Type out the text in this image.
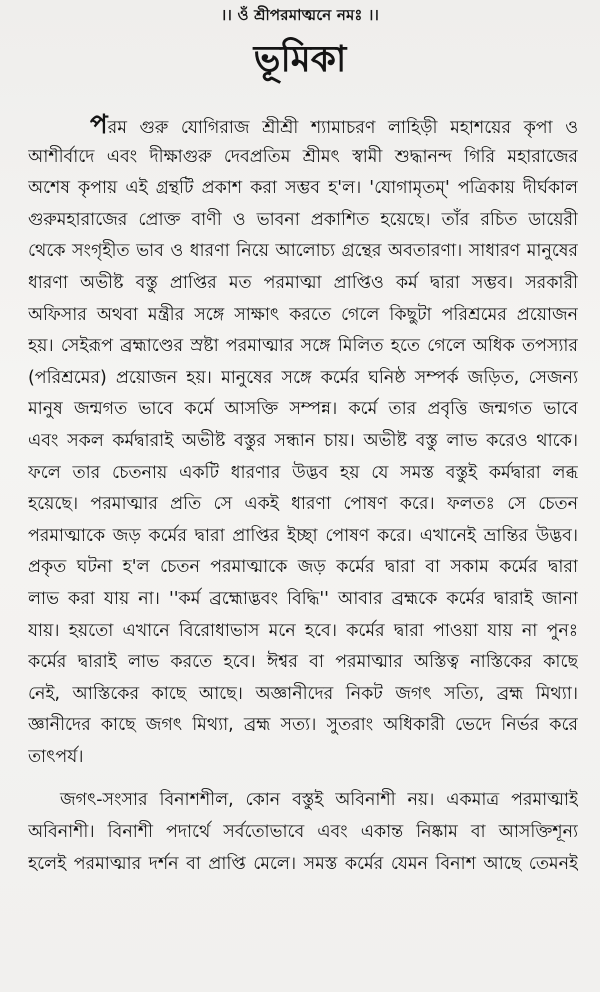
।। ওঁ শ্রীপরমাত্মনে নমঃ ।।
ভূমিকা
পরম গুরু যোগিরাজ শ্রীশ্রী শ্যামাচরণ লাহিড়ী মহাশয়ের কৃপা ও
আশীর্বাদে এবং দীক্ষাগুরু দেবপ্রতিম শ্রীমৎ স্বামী শুদ্ধানন্দ গিরি মহারাজের
অশেষ কৃপায় এই গ্রন্থটি প্রকাশ করা সম্ভব হ'ল। 'যোগামৃতম্' পত্রিকায় দীর্ঘকাল
গুরুমহারাজের প্রোক্ত বাণী ও ভাবনা প্রকাশিত হয়েছে। তাঁর রচিত ডায়েরী
থেকে সংগৃহীত ভাব ও ধারণা নিয়ে আলোচ্য গ্রন্থের অবতারণা। সাধারণ মানুষের
ধারণা অভীষ্ট বস্তু প্রাপ্তির মত পরমাত্মা প্রাপ্তিও কর্ম দ্বারা সম্ভব। সরকারী
অফিসার অথবা মন্ত্রীর সঙ্গে সাক্ষাৎ করতে গেলে কিছুটা পরিশ্রমের প্রয়োজন
হয়। সেইরূপ ব্রহ্মাণ্ডের স্রষ্টা পরমাত্মার সঙ্গে মিলিত হতে গেলে অধিক তপস্যার
(পরিশ্রমের) প্রয়োজন হয়। মানুষের সঙ্গে কর্মের ঘনিষ্ঠ সম্পর্ক জড়িত, সেজন্য
মানুষ জন্মগত ভাবে কর্মে আসক্তি সম্পন্ন। কর্মে তার প্রবৃত্তি জন্মগত ভাবে
এবং সকল কর্মদ্বারাই অভীষ্ট বস্তুর সন্ধান চায়। অভীষ্ট বস্তু লাভ করেও থাকে।
ফলে তার চেতনায় একটি ধারণার উদ্ভব হয় যে সমস্ত বস্তুই কর্মদ্বারা লব্ধ
হয়েছে। পরমাত্মার প্রতি সে একই ধারণা পোষণ করে। ফলতঃ সে চেতন
পরমাত্মাকে জড় কর্মের দ্বারা প্রাপ্তির ইচ্ছা পোষণ করে। এখানেই ভ্রান্তির উদ্ভব।
প্রকৃত ঘটনা হ'ল চেতন পরমাত্মাকে জড় কর্মের দ্বারা বা সকাম কর্মের দ্বারা
লাভ করা যায় না। ''কর্ম ব্রহ্মোদ্ভবং বিদ্ধি'' আবার ব্রহ্মকে কর্মের দ্বারাই জানা
যায়। হয়তো এখানে বিরোধাভাস মনে হবে। কর্মের দ্বারা পাওয়া যায় না পুনঃ
কর্মের দ্বারাই লাভ করতে হবে। ঈশ্বর বা পরমাত্মার অস্তিত্ব নাস্তিকের কাছে
নেই, আস্তিকের কাছে আছে। অজ্ঞানীদের নিকট জগৎ সত্যি, ব্রহ্ম মিথ্যা।
জ্ঞানীদের কাছে জগৎ মিথ্যা, ব্রহ্ম সত্য। সুতরাং অধিকারী ভেদে নির্ভর করে
তাৎপর্য।
জগৎ-সংসার বিনাশশীল, কোন বস্তুই অবিনাশী নয়। একমাত্র পরমাত্মাই
অবিনাশী। বিনাশী পদার্থে সর্বতোভাবে এবং একান্ত নিষ্কাম বা আসক্তিশূন্য
হলেই পরমাত্মার দর্শন বা প্রাপ্তি মেলে। সমস্ত কর্মের যেমন বিনাশ আছে তেমনই
